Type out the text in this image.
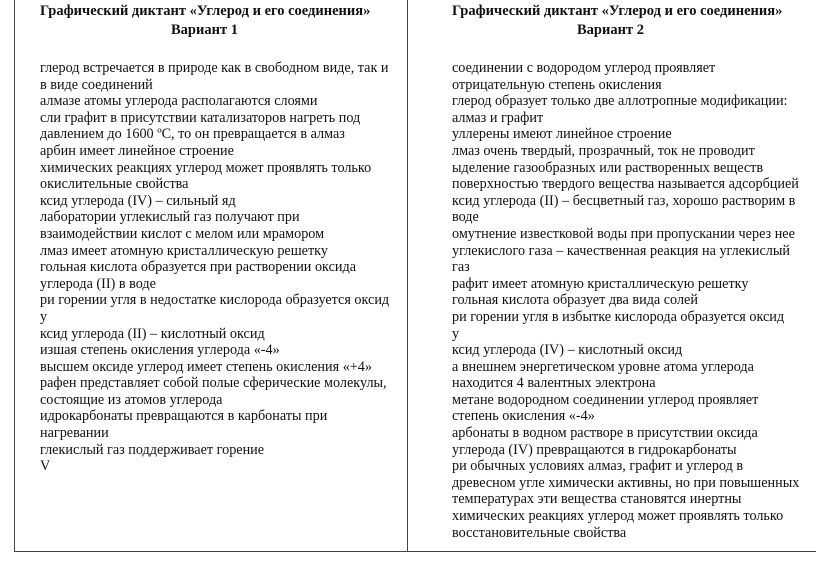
Графический диктант «Углерод и его соединения»
Вариант 1
глерод встречается в природе как в свободном виде, так и
в виде соединений
алмазе атомы углерода располагаются слоями
сли графит в присутствии катализаторов нагреть под
давлением до 1600 ºС, то он превращается в алмаз
арбин имеет линейное строение
химических реакциях углерод может проявлять только
окислительные свойства
ксид углерода (IV) – сильный яд
лаборатории углекислый газ получают при
взаимодействии кислот с мелом или мрамором
лмаз имеет атомную кристаллическую решетку
гольная кислота образуется при растворении оксида
углерода (II) в воде
ри горении угля в недостатке кислорода образуется оксид
у
ксид углерода (II) – кислотный оксид
изшая степень окисления углерода «-4»
высшем оксиде углерод имеет степень окисления «+4»
рафен представляет собой полые сферические молекулы,
состоящие из атомов углерода
идрокарбонаты превращаются в карбонаты при
нагревании
глекислый газ поддерживает горение
V
Графический диктант «Углерод и его соединения»
Вариант 2
соединении с водородом углерод проявляет
отрицательную степень окисления
глерод образует только две аллотропные модификации:
алмаз и графит
уллерены имеют линейное строение
лмаз очень твердый, прозрачный, ток не проводит
ыделение газообразных или растворенных веществ
поверхностью твердого вещества называется адсорбцией
ксид углерода (II) – бесцветный газ, хорошо растворим в
воде
омутнение известковой воды при пропускании через нее
углекислого газа – качественная реакция на углекислый
газ
рафит имеет атомную кристаллическую решетку
гольная кислота образует два вида солей
ри горении угля в избытке кислорода образуется оксид
у
ксид углерода (IV) – кислотный оксид
а внешнем энергетическом уровне атома углерода
находится 4 валентных электрона
метане водородном соединении углерод проявляет
степень окисления «-4»
арбонаты в водном растворе в присутствии оксида
углерода (IV) превращаются в гидрокарбонаты
ри обычных условиях алмаз, графит и углерод в
древесном угле химически активны, но при повышенных
температурах эти вещества становятся инертны
химических реакциях углерод может проявлять только
восстановительные свойства
